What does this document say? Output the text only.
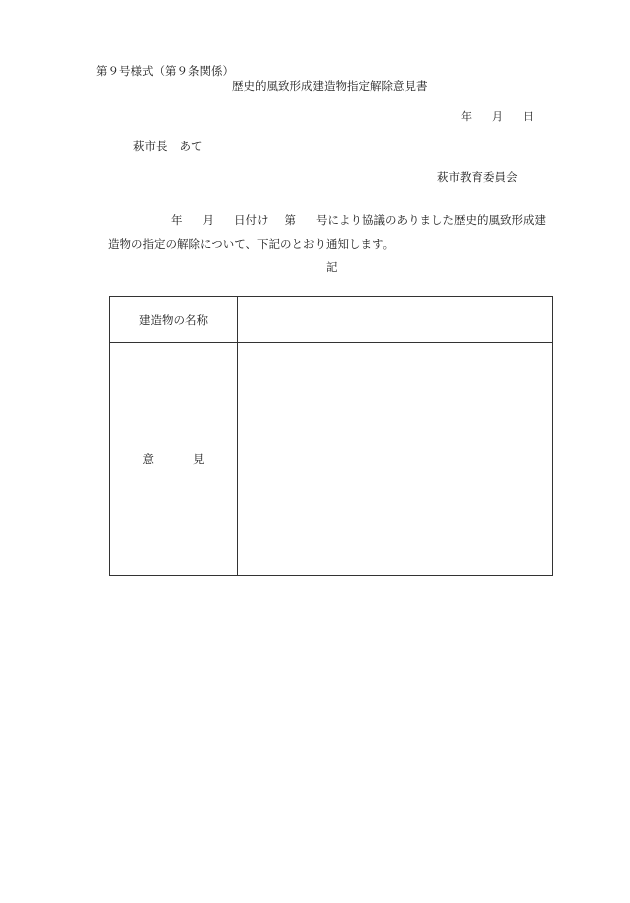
第９号様式（第９条関係）
歴史的風致形成建造物指定解除意見書
年 月 日
萩市長 あて
萩市教育委員会
年 月 日付け 第 号により協議のありました歴史的風致形成建
造物の指定の解除について、下記のとおり通知します。
記
建造物の名称	

意 見	
